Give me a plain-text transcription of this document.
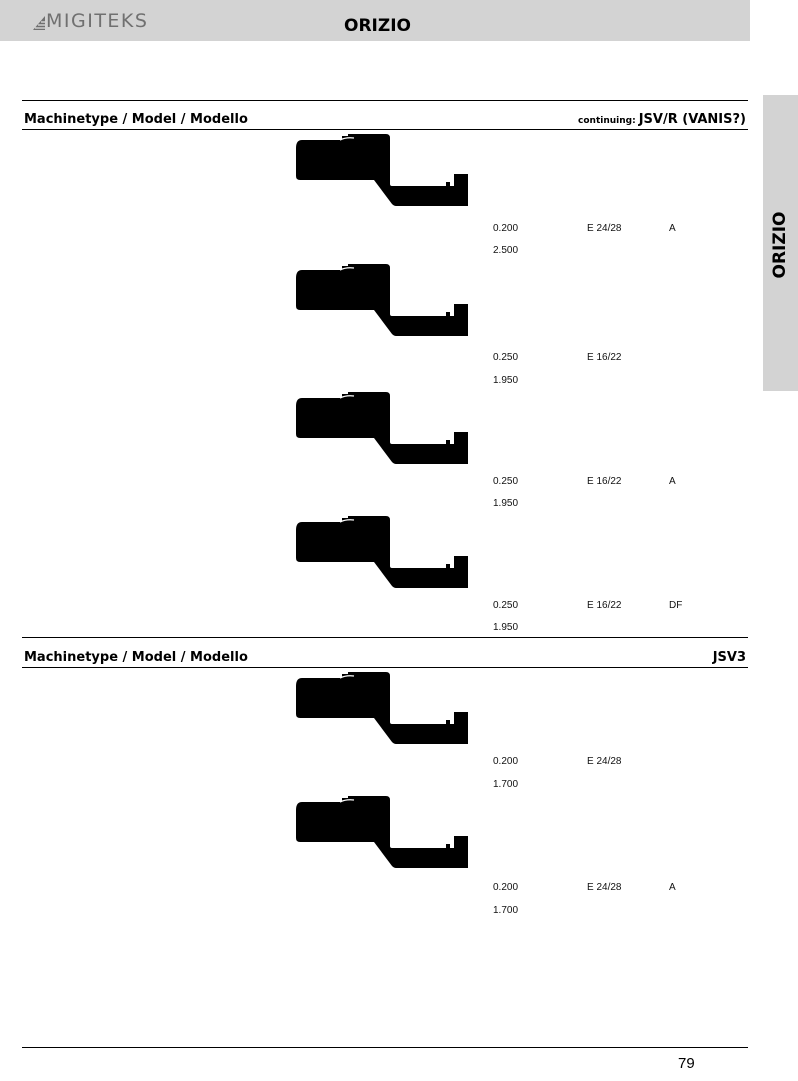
MIGITEKS	ORIZIO
ORIZIO
Machinetype / Model / Modello	continuing: JSV/R (VANIS?)
0.200	E 24/28	A
2.500
0.250	E 16/22
1.950
0.250	E 16/22	A
1.950
0.250	E 16/22	DF
1.950
Machinetype / Model / Modello	JSV3
0.200	E 24/28
1.700
0.200	E 24/28	A
1.700
79
